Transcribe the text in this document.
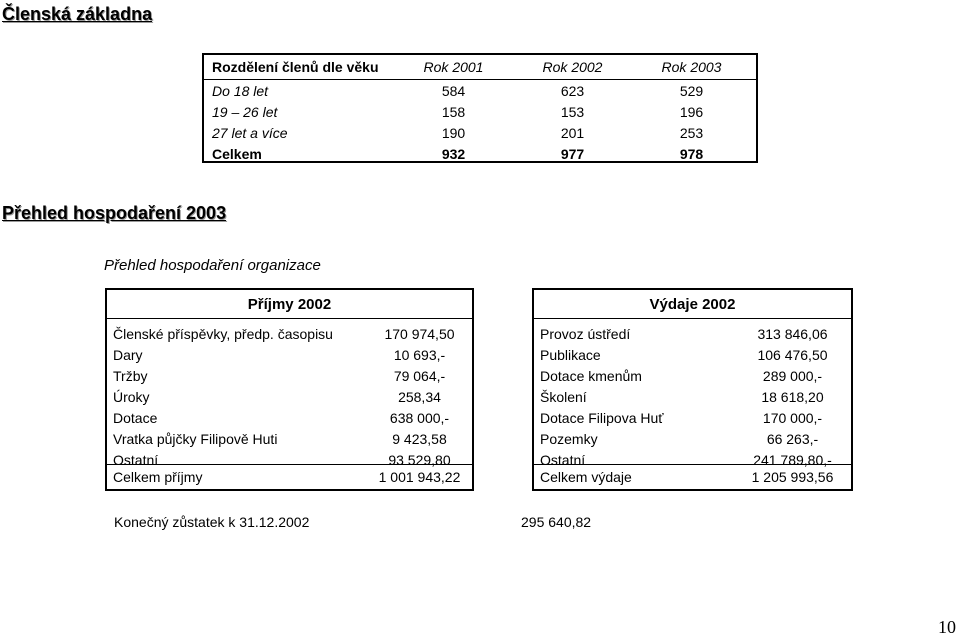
Členská základna
Rozdělení členů dle věku	Rok 2001	Rok 2002	Rok 2003
Do 18 let	584	623	529
19 – 26 let	158	153	196
27 let a více	190	201	253
Celkem	932	977	978
Přehled hospodaření 2003
Přehled hospodaření organizace
Příjmy 2002
Členské příspěvky, předp. časopisu	170 974,50
Dary	10 693,-
Tržby	79 064,-
Úroky	258,34
Dotace	638 000,-
Vratka půjčky Filipově Huti	9 423,58
Ostatní	93 529,80
Celkem příjmy	1 001 943,22
Výdaje 2002
Provoz ústředí	313 846,06
Publikace	106 476,50
Dotace kmenům	289 000,-
Školení	18 618,20
Dotace Filipova Huť	170 000,-
Pozemky	66 263,-
Ostatní	241 789,80,-
Celkem výdaje	1 205 993,56
Konečný zůstatek k 31.12.2002	295 640,82
10
